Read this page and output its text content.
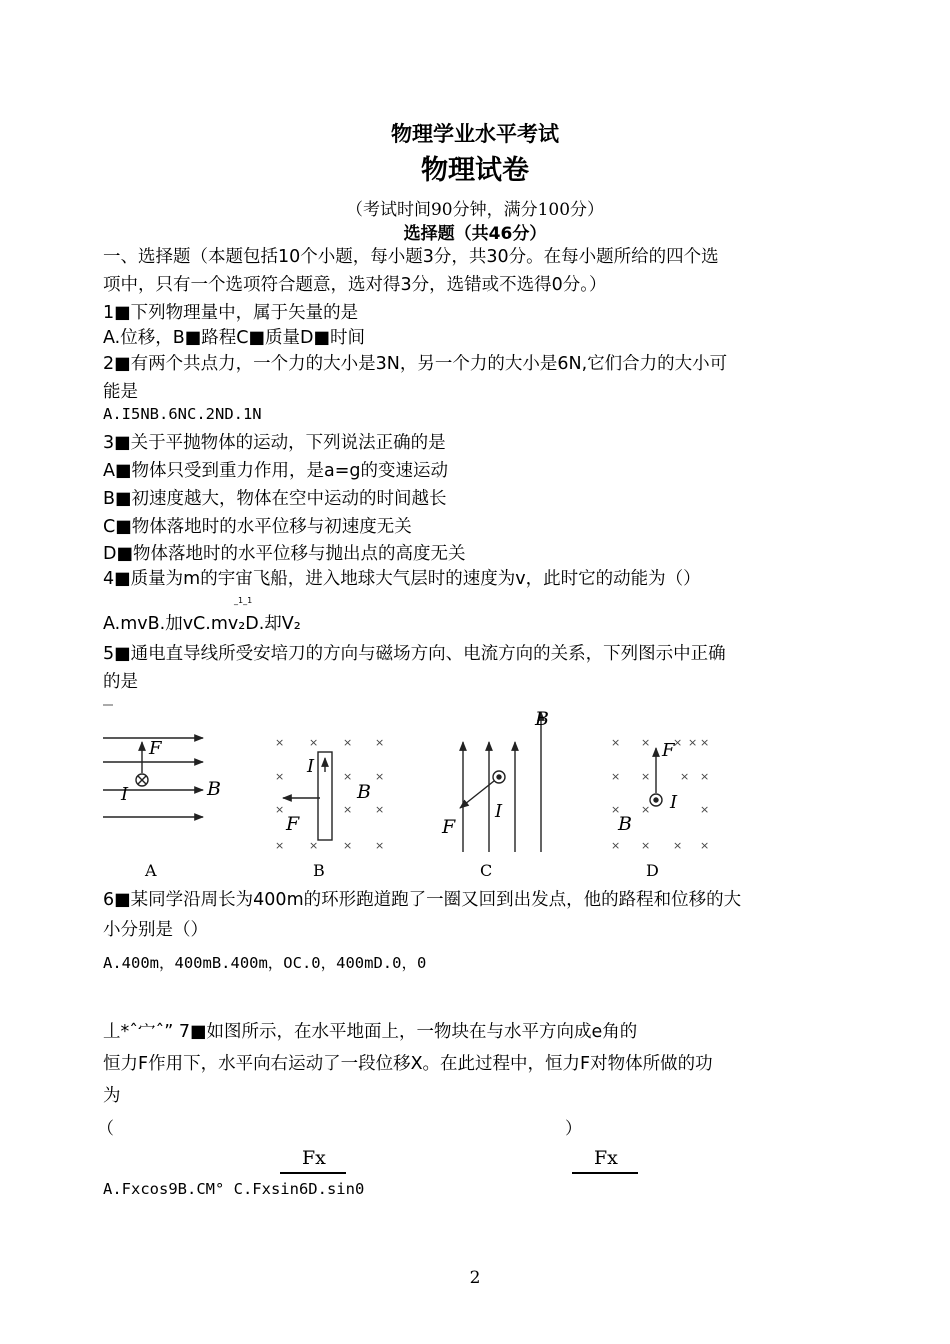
物理学业水平考试
物理试卷
（考试时间90分钟，满分100分）
选择题（共46分）
一、选择题（本题包括10个小题，每小题3分，共30分。在每小题所给的四个选
项中，只有一个选项符合题意，选对得3分，选错或不选得0分。）
1■下列物理量中，属于矢量的是
A.位移，B■路程C■质量D■时间
2■有两个共点力，一个力的大小是3N，另一个力的大小是6N,它们合力的大小可
能是
A.I5NB.6NC.2ND.1N
3■关于平抛物体的运动，下列说法正确的是
A■物体只受到重力作用，是a=g的变速运动
B■初速度越大，物体在空中运动的时间越长
C■物体落地时的水平位移与初速度无关
D■物体落地时的水平位移与抛出点的高度无关
4■质量为m的宇宙飞船，进入地球大气层时的速度为v，此时它的动能为（）
_1_1
A.mvB.加vC.mv₂D.却V₂
5■通电直导线所受安培刀的方向与磁场方向、电流方向的关系，下列图示中正确
的是
F
I	B
A
× × × ×
×	× ×
×	× ×
× × × ×
I
F
B
B
B
I
F
C
× × × × ×
× ×	× ×
× ×	×
× × × ×
F
I
B
D
6■某同学沿周长为400m的环形跑道跑了一圈又回到出发点，他的路程和位移的大
小分别是（）
A.400m，400mB.400m，OC.0，400mD.0，0
丄*ˆ宀ˆ” 7■如图所示，在水平地面上，一物块在与水平方向成e角的
恒力F作用下，水平向右运动了一段位移X。在此过程中，恒力F对物体所做的功
为
（	）
Fx	Fx
A.Fxcos9B.CM° C.Fxsin6D.sin0
2
